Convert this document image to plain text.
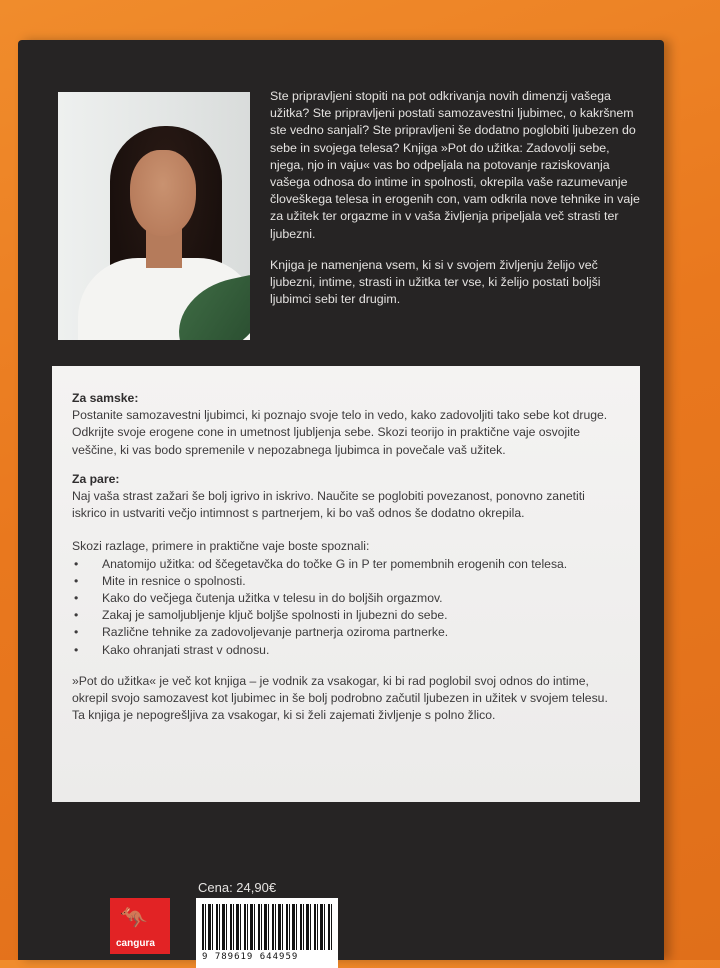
Ste pripravljeni stopiti na pot odkrivanja novih dimenzij vašega užitka? Ste pripravljeni postati samozavestni ljubimec, o kakršnem ste vedno sanjali? Ste pripravljeni še dodatno poglobiti ljubezen do sebe in svojega telesa? Knjiga »Pot do užitka: Zadovolji sebe, njega, njo in vaju« vas bo odpeljala na potovanje raziskovanja vašega odnosa do intime in spolnosti, okrepila vaše razumevanje človeškega telesa in erogenih con, vam odkrila nove tehnike in vaje za užitek ter orgazme in v vaša življenja pripeljala več strasti ter ljubezni.

Knjiga je namenjena vsem, ki si v svojem življenju želijo več ljubezni, intime, strasti in užitka ter vse, ki želijo postati boljši ljubimci sebi ter drugim.

Cena: 24,90€
🦘
cangura
9 789619 644959
Za samske:

Postanite samozavestni ljubimci, ki poznajo svoje telo in vedo, kako zadovoljiti tako sebe kot druge. Odkrijte svoje erogene cone in umetnost ljubljenja sebe. Skozi teorijo in praktične vaje osvojite veščine, ki vas bodo spremenile v nepozabnega ljubimca in povečale vaš užitek.

Za pare:

Naj vaša strast zažari še bolj igrivo in iskrivo. Naučite se poglobiti povezanost, ponovno zanetiti iskrico in ustvariti večjo intimnost s partnerjem, ki bo vaš odnos še dodatno okrepila.

Skozi razlage, primere in praktične vaje boste spoznali:

• Anatomijo užitka: od ščegetavčka do točke G in P ter pomembnih erogenih con telesa.
• Mite in resnice o spolnosti.
• Kako do večjega čutenja užitka v telesu in do boljših orgazmov.
• Zakaj je samoljubljenje ključ boljše spolnosti in ljubezni do sebe.
• Različne tehnike za zadovoljevanje partnerja oziroma partnerke.
• Kako ohranjati strast v odnosu.

»Pot do užitka« je več kot knjiga – je vodnik za vsakogar, ki bi rad poglobil svoj odnos do intime, okrepil svojo samozavest kot ljubimec in še bolj podrobno začutil ljubezen in užitek v svojem telesu. Ta knjiga je nepogrešljiva za vsakogar, ki si želi zajemati življenje s polno žlico.
